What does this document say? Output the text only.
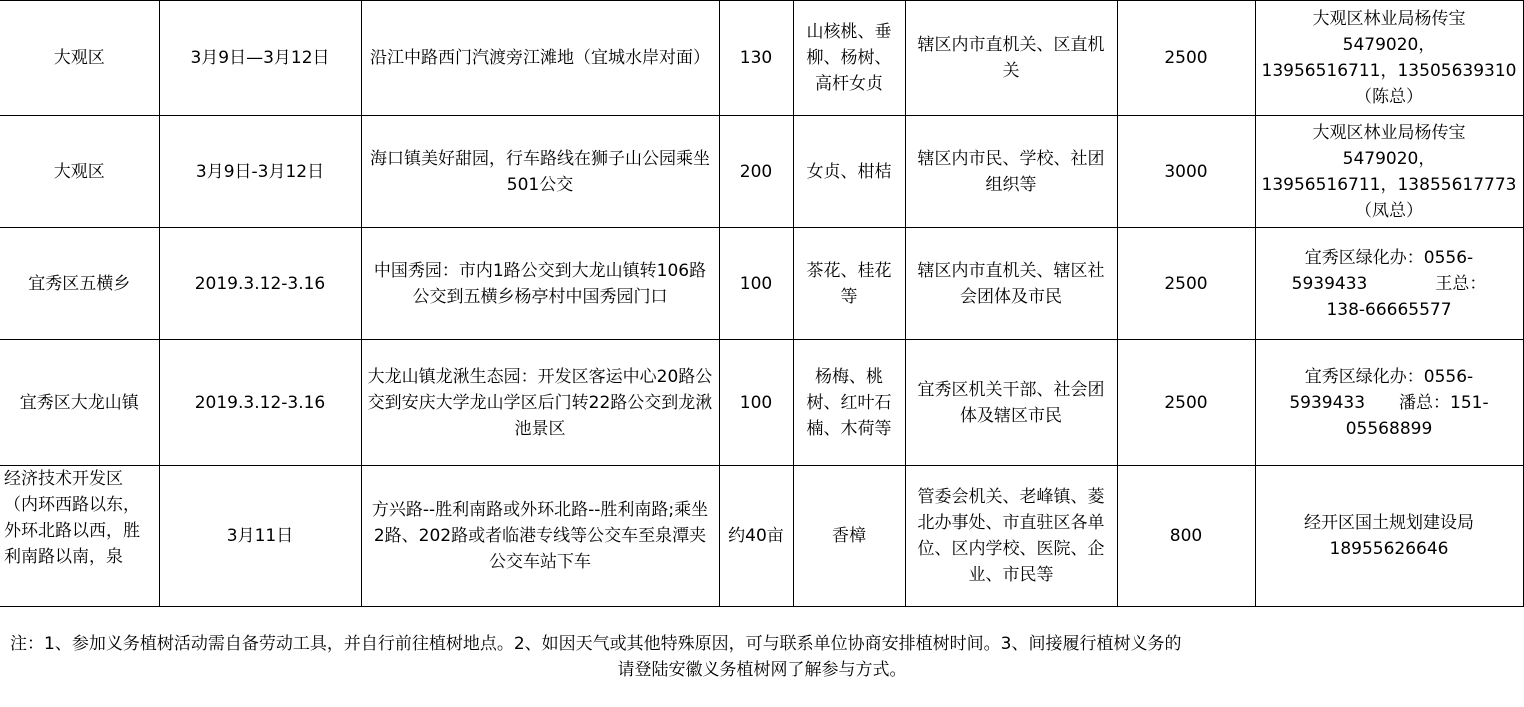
大观区	3月9日—3月12日	沿江中路西门汽渡旁江滩地（宜城水岸对面）	130	山核桃、垂柳、杨树、高杆女贞	辖区内市直机关、区直机关	2500	大观区林业局杨传宝
5479020，
13956516711，13505639310
（陈总）

大观区	3月9日-3月12日	海口镇美好甜园，行车路线在狮子山公园乘坐501公交	200	女贞、柑桔	辖区内市民、学校、社团组织等	3000	大观区林业局杨传宝
5479020，
13956516711，13855617773
（凤总）

宜秀区五横乡	2019.3.12-3.16	中国秀园：市内1路公交到大龙山镇转106路公交到五横乡杨亭村中国秀园门口	100	茶花、桂花等	辖区内市直机关、辖区社会团体及市民	2500	宜秀区绿化办：0556-
5939433　　　　王总：
138-66665577

宜秀区大龙山镇	2019.3.12-3.16	大龙山镇龙湫生态园：开发区客运中心20路公交到安庆大学龙山学区后门转22路公交到龙湫池景区	100	杨梅、桃树、红叶石楠、木荷等	宜秀区机关干部、社会团体及辖区市民	2500	宜秀区绿化办：0556-
5939433　　潘总：151-
05568899

经济技术开发区（内环西路以东，外环北路以西，胜利南路以南，泉	3月11日	方兴路--胜利南路或外环北路--胜利南路;乘坐2路、202路或者临港专线等公交车至泉潭夹公交车站下车	约40亩	香樟	管委会机关、老峰镇、菱北办事处、市直驻区各单位、区内学校、医院、企业、市民等	800	经开区国土规划建设局
18955626646
注：1、参加义务植树活动需自备劳动工具，并自行前往植树地点。2、如因天气或其他特殊原因，可与联系单位协商安排植树时间。3、间接履行植树义务的
请登陆安徽义务植树网了解参与方式。
